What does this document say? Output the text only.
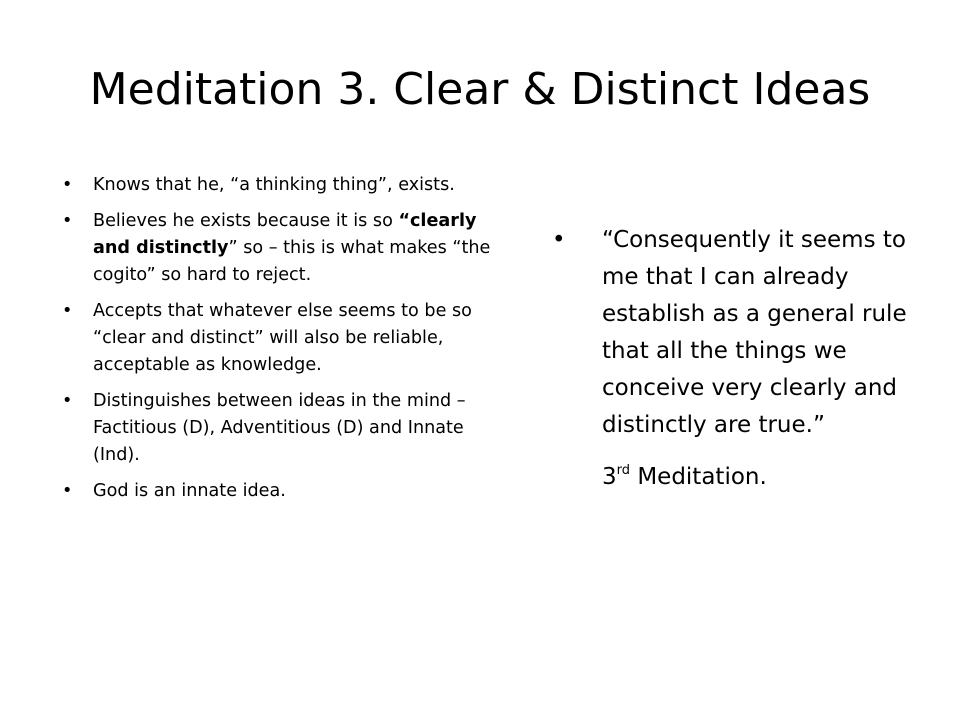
Meditation 3. Clear & Distinct Ideas
• Knows that he, “a thinking thing”, exists.
• Believes he exists because it is so “clearly and distinctly” so – this is what makes “the cogito” so hard to reject.
• Accepts that whatever else seems to be so “clear and distinct” will also be reliable, acceptable as knowledge.
• Distinguishes between ideas in the mind – Factitious (D), Adventitious (D) and Innate (Ind).
• God is an innate idea.
• “Consequently it seems to me that I can already establish as a general rule that all the things we conceive very clearly and distinctly are true.”
3rd Meditation.
